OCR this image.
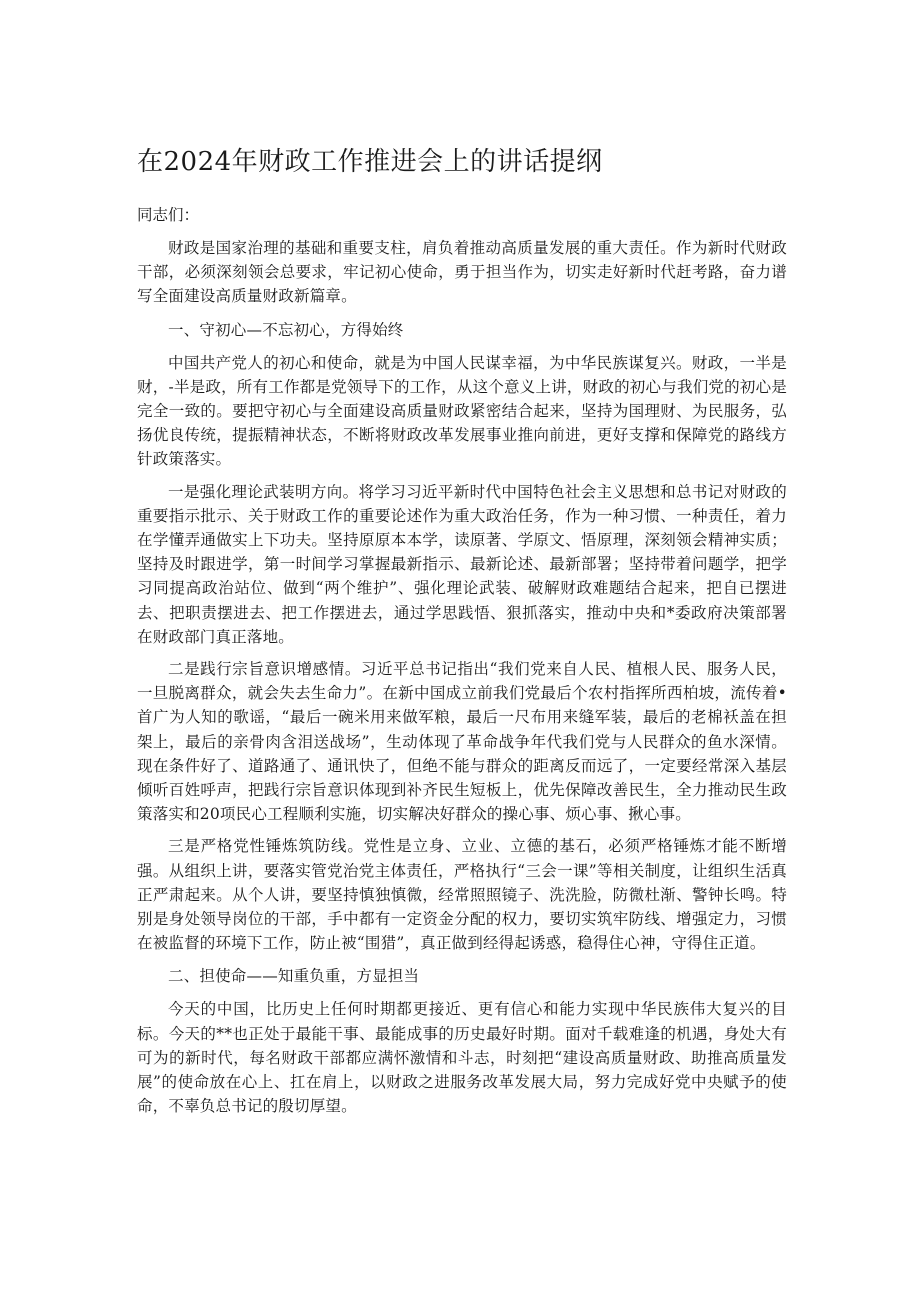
在2024年财政工作推进会上的讲话提纲

同志们：

财政是国家治理的基础和重要支柱，肩负着推动高质量发展的重大责任。作为新时代财政干部，必须深刻领会总要求，牢记初心使命，勇于担当作为，切实走好新时代赶考路，奋力谱写全面建设高质量财政新篇章。

一、守初心—不忘初心，方得始终

中国共产党人的初心和使命，就是为中国人民谋幸福，为中华民族谋复兴。财政，一半是财，-半是政，所有工作都是党领导下的工作，从这个意义上讲，财政的初心与我们党的初心是完全一致的。要把守初心与全面建设高质量财政紧密结合起来，坚持为国理财、为民服务，弘扬优良传统，提振精神状态，不断将财政改革发展事业推向前进，更好支撑和保障党的路线方针政策落实。

一是强化理论武装明方向。将学习习近平新时代中国特色社会主义思想和总书记对财政的重要指示批示、关于财政工作的重要论述作为重大政治任务，作为一种习惯、一种责任，着力在学懂弄通做实上下功夫。坚持原原本本学，读原著、学原文、悟原理，深刻领会精神实质；坚持及时跟进学，第一时间学习掌握最新指示、最新论述、最新部署；坚持带着问题学，把学习同提高政治站位、做到“两个维护”、强化理论武装、破解财政难题结合起来，把自已摆进去、把职责摆进去、把工作摆进去，通过学思践悟、狠抓落实，推动中央和*委政府决策部署在财政部门真正落地。

二是践行宗旨意识增感情。习近平总书记指出“我们党来自人民、植根人民、服务人民，一旦脱离群众，就会失去生命力”。在新中国成立前我们党最后个农村指挥所西柏坡，流传着•首广为人知的歌谣，“最后一碗米用来做军粮，最后一尺布用来缝军装，最后的老棉袄盖在担架上，最后的亲骨肉含泪送战场”，生动体现了革命战争年代我们党与人民群众的鱼水深情。现在条件好了、道路通了、通讯快了，但绝不能与群众的距离反而远了，一定要经常深入基层倾听百姓呼声，把践行宗旨意识体现到补齐民生短板上，优先保障改善民生，全力推动民生政策落实和20项民心工程顺利实施，切实解决好群众的操心事、烦心事、揪心事。

三是严格党性锤炼筑防线。党性是立身、立业、立德的基石，必须严格锤炼才能不断增强。从组织上讲，要落实管党治党主体责任，严格执行“三会一课”等相关制度，让组织生活真正严肃起来。从个人讲，要坚持慎独慎微，经常照照镜子、洗洗脸，防微杜渐、警钟长鸣。特别是身处领导岗位的干部，手中都有一定资金分配的权力，要切实筑牢防线、增强定力，习惯在被监督的环境下工作，防止被“围猎”，真正做到经得起诱惑，稳得住心神，守得住正道。

二、担使命——知重负重，方显担当

今天的中国，比历史上任何时期都更接近、更有信心和能力实现中华民族伟大复兴的目标。今天的**也正处于最能干事、最能成事的历史最好时期。面对千载难逢的机遇，身处大有可为的新时代，每名财政干部都应满怀激情和斗志，时刻把“建设高质量财政、助推高质量发展”的使命放在心上、扛在肩上，以财政之进服务改革发展大局，努力完成好党中央赋予的使命，不辜负总书记的殷切厚望。
